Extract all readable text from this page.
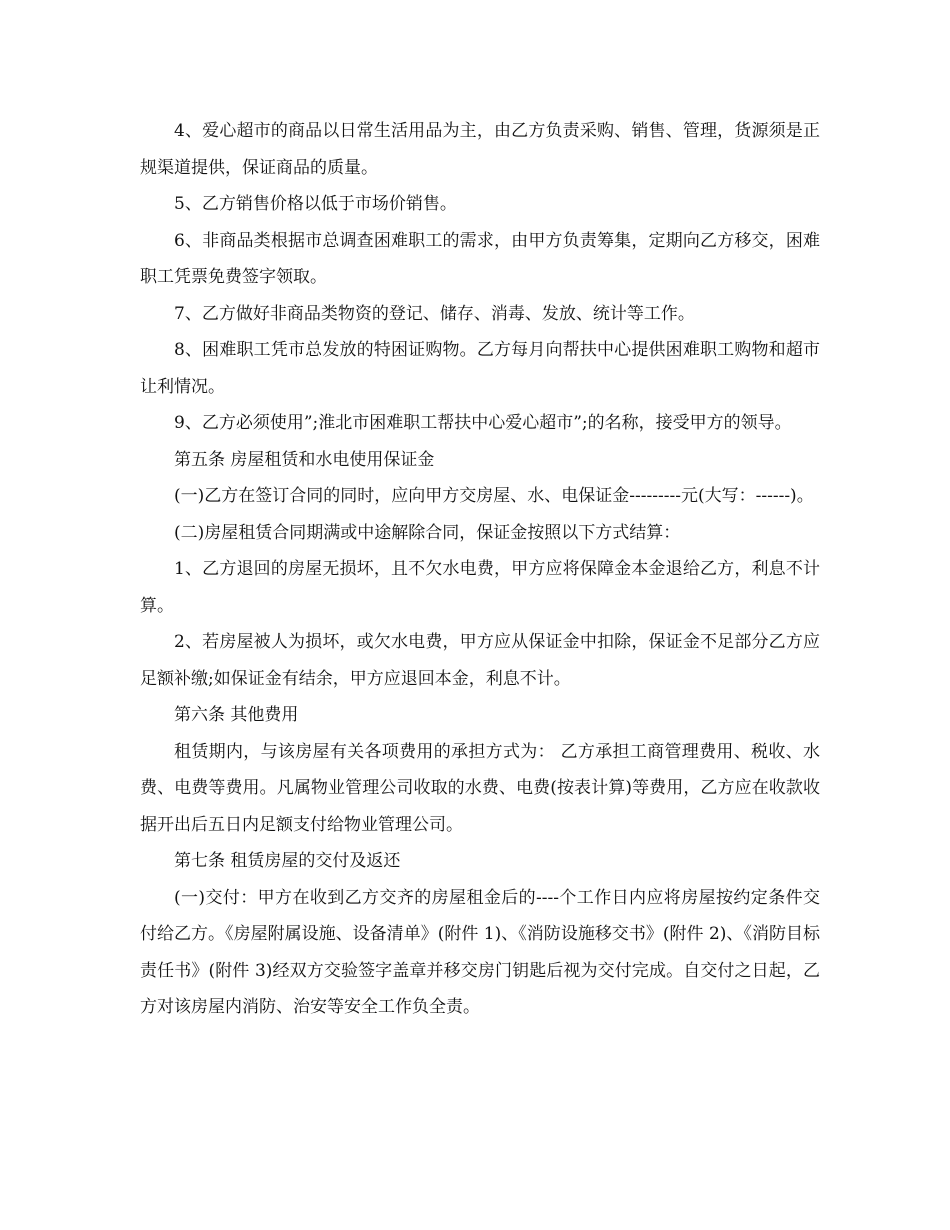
4、爱心超市的商品以日常生活用品为主，由乙方负责采购、销售、管理，货源须是正规渠道提供，保证商品的质量。

5、乙方销售价格以低于市场价销售。

6、非商品类根据市总调查困难职工的需求，由甲方负责筹集，定期向乙方移交，困难职工凭票免费签字领取。

7、乙方做好非商品类物资的登记、储存、消毒、发放、统计等工作。

8、困难职工凭市总发放的特困证购物。乙方每月向帮扶中心提供困难职工购物和超市让利情况。

9、乙方必须使用”;淮北市困难职工帮扶中心爱心超市”;的名称，接受甲方的领导。

第五条 房屋租赁和水电使用保证金

(一)乙方在签订合同的同时，应向甲方交房屋、水、电保证金---------元(大写：------)。

(二)房屋租赁合同期满或中途解除合同，保证金按照以下方式结算：

1、乙方退回的房屋无损坏，且不欠水电费，甲方应将保障金本金退给乙方，利息不计算。

2、若房屋被人为损坏，或欠水电费，甲方应从保证金中扣除，保证金不足部分乙方应足额补缴;如保证金有结余，甲方应退回本金，利息不计。

第六条 其他费用

租赁期内，与该房屋有关各项费用的承担方式为： 乙方承担工商管理费用、税收、水费、电费等费用。凡属物业管理公司收取的水费、电费(按表计算)等费用，乙方应在收款收据开出后五日内足额支付给物业管理公司。

第七条 租赁房屋的交付及返还

(一)交付：甲方在收到乙方交齐的房屋租金后的----个工作日内应将房屋按约定条件交付给乙方。《房屋附属设施、设备清单》(附件 1)、《消防设施移交书》(附件 2)、《消防目标责任书》(附件 3)经双方交验签字盖章并移交房门钥匙后视为交付完成。自交付之日起，乙方对该房屋内消防、治安等安全工作负全责。
